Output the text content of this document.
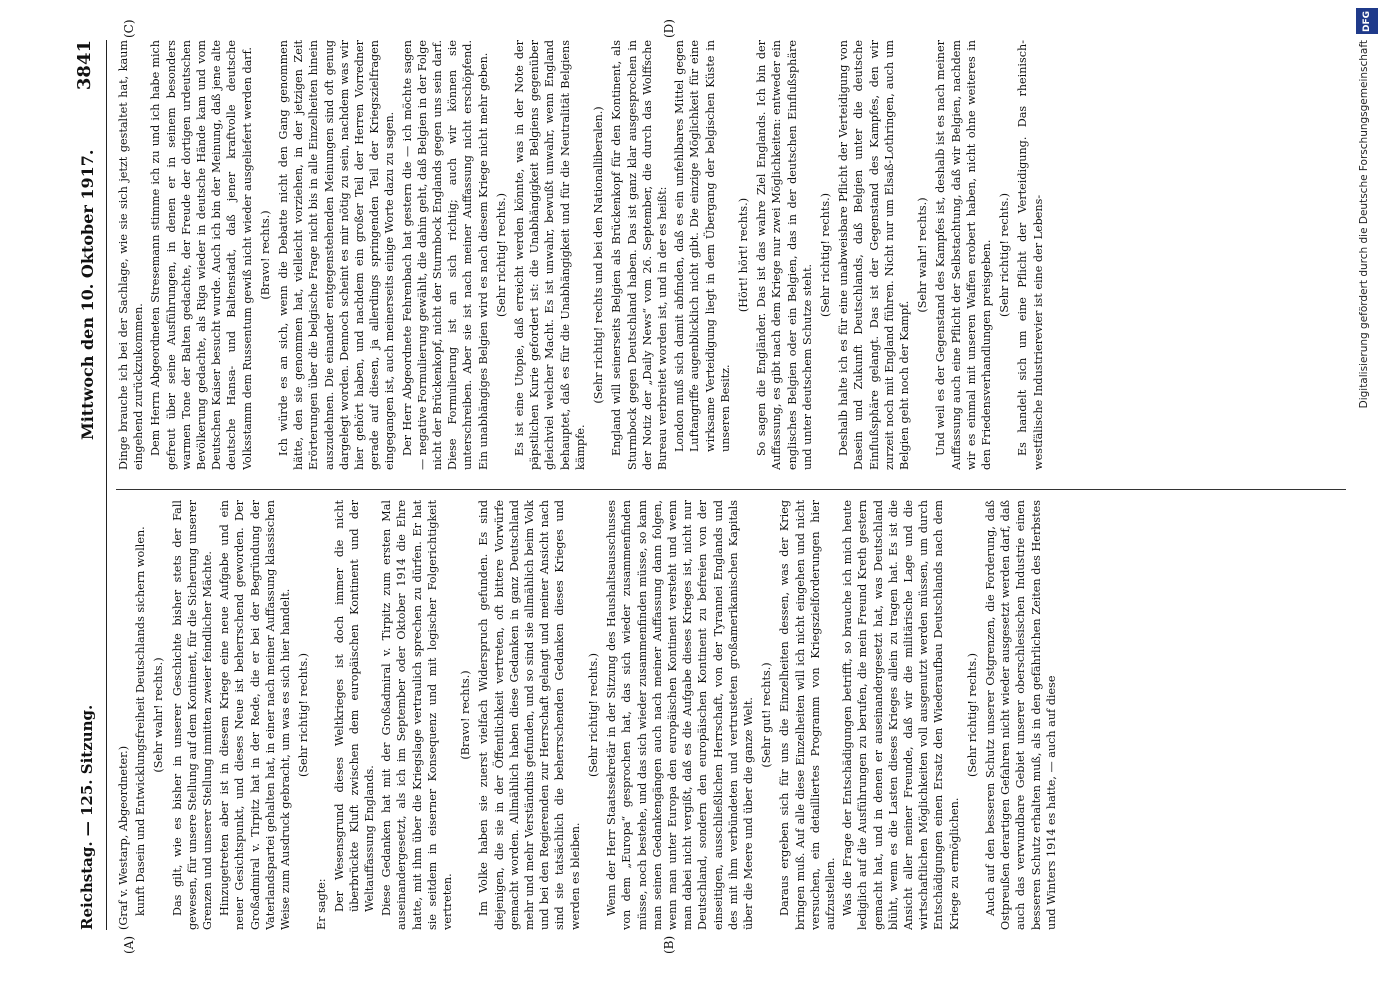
Reichstag. — 125. Sitzung.
Mittwoch den 10. Oktober 1917.
3841
(A)	(B)
(C)	(D)

(Graf v. Westarp, Abgeordneter.) kunft Dasein und Entwicklungsfreiheit Deutschlands sichern wollen. (Sehr wahr! rechts.) Das gilt, wie es bisher in unserer Geschichte bisher stets der Fall gewesen, für unsere Stellung auf dem Kontinent, für die Sicherung unserer Grenzen und unserer Stellung inmitten zweier feindlicher Mächte. Hinzugetreten aber ist in diesem Kriege eine neue Aufgabe und ein neuer Gesichtspunkt, und dieses Neue ist beherrschend geworden. Der Großadmiral v. Tirpitz hat in der Rede, die er bei der Begründung der Vaterlandspartei gehalten hat, in einer nach meiner Auffassung klassischen Weise zum Ausdruck gebracht, um was es sich hier handelt. (Sehr richtig! rechts.)

Er sagte: Der Wesensgrund dieses Weltkrieges ist doch immer die nicht überbrückte Kluft zwischen dem europäischen Kontinent und der Weltauffassung Englands. Diese Gedanken hat mit der Großadmiral v. Tirpitz zum ersten Mal auseinandergesetzt, als ich im September oder Oktober 1914 die Ehre hatte, mit ihm über die Kriegslage vertraulich sprechen zu dürfen. Er hat sie seitdem in eiserner Konsequenz und mit logischer Folgerichtigkeit vertreten.

(Bravo! rechts.) Im Volke haben sie zuerst vielfach Widerspruch gefunden. Es sind diejenigen, die sie in der Öffentlichkeit vertreten, oft bittere Vorwürfe gemacht worden. Allmählich haben diese Gedanken in ganz Deutschland mehr und mehr Verständnis gefunden, und so sind sie allmählich beim Volk und bei den Regierenden zur Herrschaft gelangt und meiner Ansicht nach sind sie tatsächlich die beherrschenden Gedanken dieses Krieges und werden es bleiben.

(Sehr richtig! rechts.) Wenn der Herr Staatssekretär in der Sitzung des Haushaltsausschusses von dem „Europa“ gesprochen hat, das sich wieder zusammenfinden müsse, noch bestehe, und das sich wieder zusammenfinden müsse, so kann man seinen Gedankengängen auch nach meiner Auffassung dann folgen, wenn man unter Europa den europäischen Kontinent versteht und wenn man dabei nicht vergißt, daß es die Aufgabe dieses Krieges ist, nicht nur Deutschland, sondern den europäischen Kontinent zu befreien von der einseitigen, ausschließlichen Herrschaft, von der Tyrannei Englands und des mit ihm verbündeten und vertrusteten großamerikanischen Kapitals über die Meere und über die ganze Welt. (Sehr gut! rechts.) Daraus ergeben sich für uns die Einzelheiten dessen, was der Krieg bringen muß. Auf alle diese Einzelheiten will ich nicht eingehen und nicht versuchen, ein detailliertes Programm von Kriegszielforderungen hier aufzustellen. Was die Frage der Entschädigungen betrifft, so brauche ich mich heute lediglich auf die Ausführungen zu berufen, die mein Freund Kreth gestern gemacht hat, und in denen er auseinandergesetzt hat, was Deutschland blüht, wenn es die Lasten dieses Krieges allein zu tragen hat. Es ist die Ansicht aller meiner Freunde, daß wir die militärische Lage und die wirtschaftlichen Möglichkeiten voll ausgenutzt werden müssen, um durch Entschädigungen einen Ersatz den Wiederaufbau Deutschlands nach dem Kriege zu ermöglichen.

(Sehr richtig! rechts.) Auch auf den besseren Schutz unserer Ostgrenzen, die Forderung, daß Ostpreußen derartigen Gefahren nicht wieder ausgesetzt werden darf, daß auch das verwundbare Gebiet unserer oberschlesischen Industrie einen besseren Schutz erhalten muß, als in den gefährlichen Zeiten des Herbstes und Winters 1914 es hatte, — auch auf diese

Dinge brauche ich bei der Sachlage, wie sie sich jetzt gestaltet hat, kaum eingehend zurückzukommen. Dem Herrn Abgeordneten Stresemann stimme ich zu und ich habe mich gefreut über seine Ausführungen, in denen er in seinem besonders warmen Tone der Balten gedachte, der Freude der dortigen urdeutschen Bevölkerung gedachte, als Riga wieder in deutsche Hände kam und vom Deutschen Kaiser besucht wurde. Auch ich bin der Meinung, daß jene alte deutsche Hansa- und Baltenstadt, daß jener kraftvolle deutsche Volksstamm dem Russentum gewiß nicht wieder ausgeliefert werden darf. (Bravo! rechts.) Ich würde es an sich, wenn die Debatte nicht den Gang genommen hätte, den sie genommen hat, vielleicht vorziehen, in der jetzigen Zeit Erörterungen über die belgische Frage nicht bis in alle Einzelheiten hinein auszudehnen. Die einander entgegenstehenden Meinungen sind oft genug dargelegt worden. Dennoch scheint es mir nötig zu sein, nachdem was wir hier gehört haben, und nachdem ein großer Teil der Herren Vorredner gerade auf diesen, ja allerdings springenden Teil der Kriegszielfragen eingegangen ist, auch meinerseits einige Worte dazu zu sagen. Der Herr Abgeordnete Fehrenbach hat gestern die — ich möchte sagen — negative Formulierung gewählt, die dahin geht, daß Belgien in der Folge nicht der Brückenkopf, nicht der Sturmbock Englands gegen uns sein darf. Diese Formulierung ist an sich richtig; auch wir können sie unterschreiben. Aber sie ist nach meiner Auffassung nicht erschöpfend. Ein unabhängiges Belgien wird es nach diesem Kriege nicht mehr geben. (Sehr richtig! rechts.) Es ist eine Utopie, daß erreicht werden könnte, was in der Note der päpstlichen Kurie gefordert ist: die Unabhängigkeit Belgiens gegenüber gleichviel welcher Macht. Es ist unwahr, bewußt unwahr, wenn England behauptet, daß es für die Unabhängigkeit und für die Neutralität Belgiens kämpfe.

(Sehr richtig! rechts und bei den Nationalliberalen.) England will seinerseits Belgien als Brückenkopf für den Kontinent, als Sturmbock gegen Deutschland haben. Das ist ganz klar ausgesprochen in der Notiz der „Daily News“ vom 26. September, die durch das Wolffsche Bureau verbreitet worden ist, und in der es heißt: London muß sich damit abfinden, daß es ein unfehlbares Mittel gegen Luftangriffe augenblicklich nicht gibt. Die einzige Möglichkeit für eine wirksame Verteidigung liegt in dem Übergang der belgischen Küste in unseren Besitz.

(Hört! hört! rechts.) So sagen die Engländer. Das ist das wahre Ziel Englands. Ich bin der Auffassung, es gibt nach dem Kriege nur zwei Möglichkeiten: entweder ein englisches Belgien oder ein Belgien, das in der deutschen Einflußsphäre und unter deutschem Schutze steht.

(Sehr richtig! rechts.) Deshalb halte ich es für eine unabweisbare Pflicht der Verteidigung von Dasein und Zukunft Deutschlands, daß Belgien unter die deutsche Einflußsphäre gelangt. Das ist der Gegenstand des Kampfes, den wir zurzeit noch mit England führen. Nicht nur um Elsaß-Lothringen, auch um Belgien geht noch der Kampf.

(Sehr wahr! rechts.) Und weil es der Gegenstand des Kampfes ist, deshalb ist es nach meiner Auffassung auch eine Pflicht der Selbstachtung, daß wir Belgien, nachdem wir es einmal mit unseren Waffen erobert haben, nicht ohne weiteres in den Friedensverhandlungen preisgeben. (Sehr richtig! rechts.) Es handelt sich um eine Pflicht der Verteidigung. Das rheinisch-westfälische Industrierevier ist eine der Lebens-

DFG
Digitalisierung gefördert durch die Deutsche Forschungsgemeinschaft
